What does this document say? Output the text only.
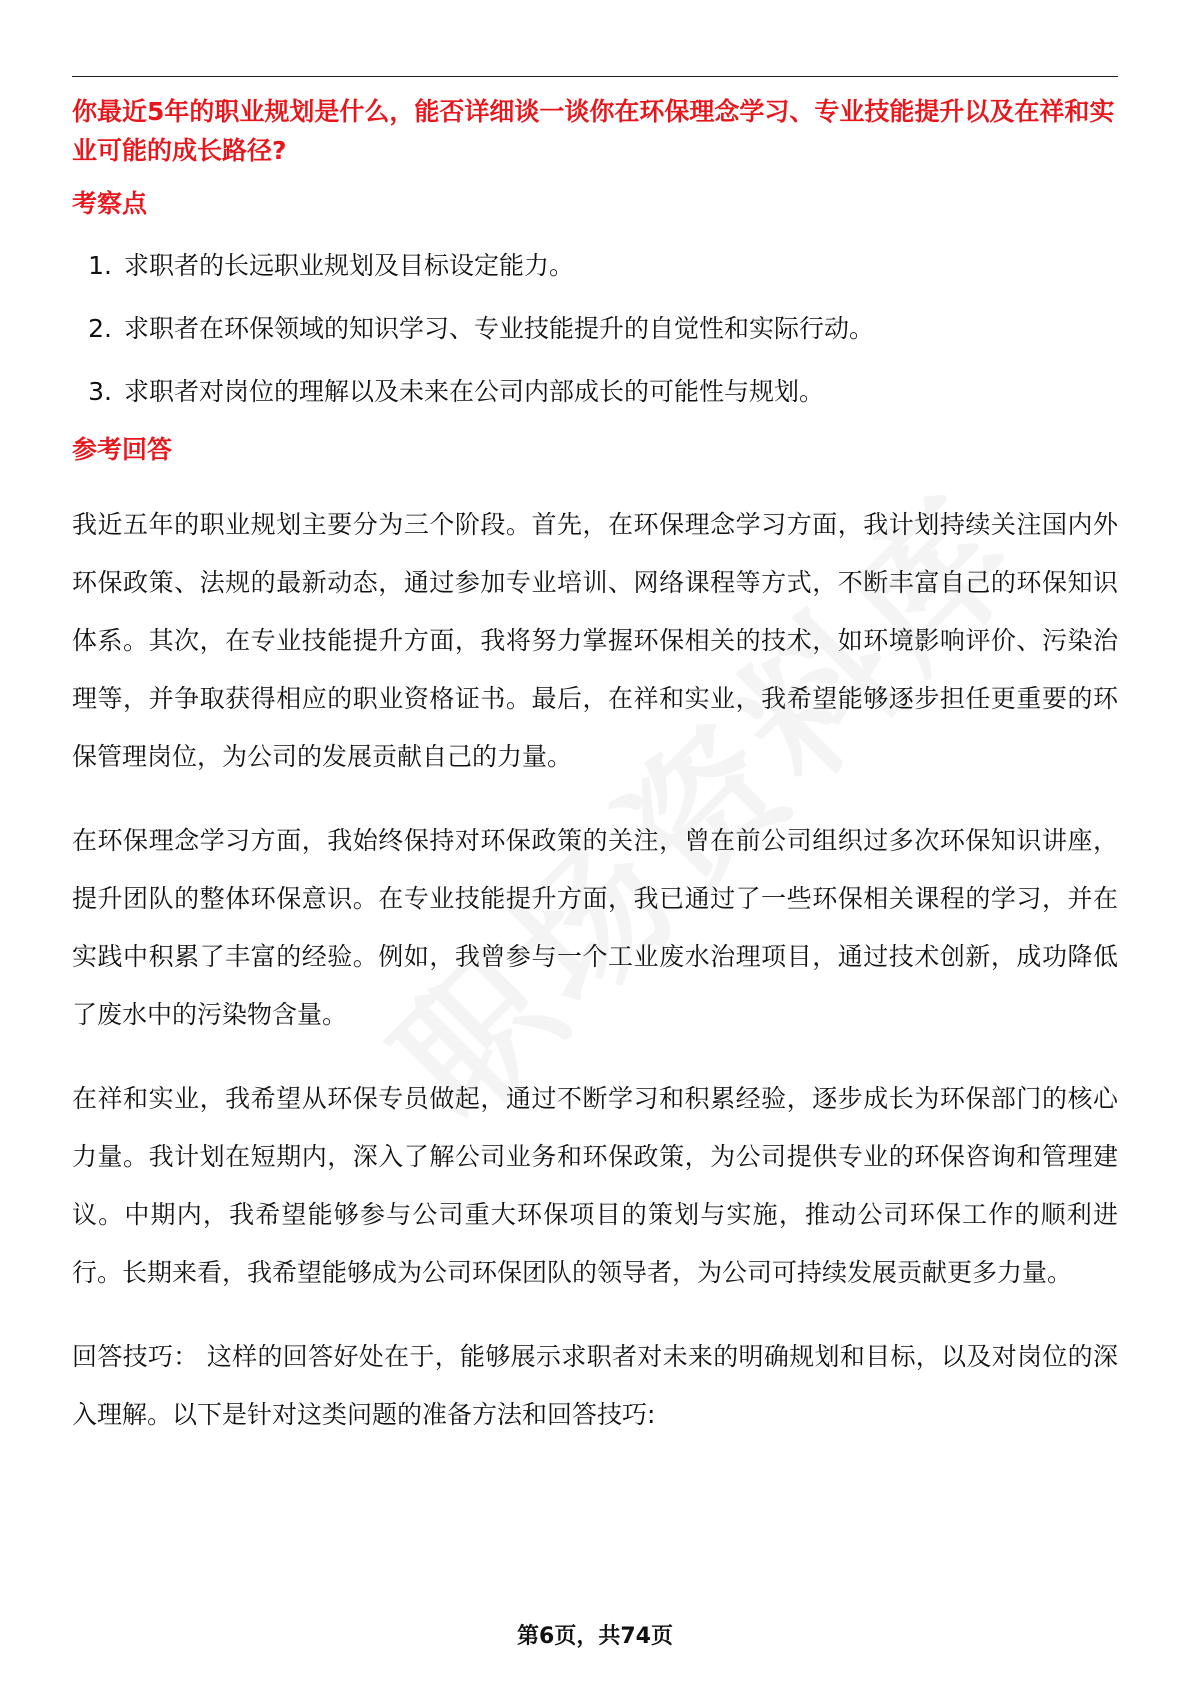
你最近5年的职业规划是什么，能否详细谈一谈你在环保理念学习、专业技能提升以及在祥和实业可能的成长路径?

考察点
1. 求职者的长远职业规划及目标设定能力。
2. 求职者在环保领域的知识学习、专业技能提升的自觉性和实际行动。
3. 求职者对岗位的理解以及未来在公司内部成长的可能性与规划。
参考回答

我近五年的职业规划主要分为三个阶段。首先，在环保理念学习方面，我计划持续关注国内外环保政策、法规的最新动态，通过参加专业培训、网络课程等方式，不断丰富自己的环保知识体系。其次，在专业技能提升方面，我将努力掌握环保相关的技术，如环境影响评价、污染治理等，并争取获得相应的职业资格证书。最后，在祥和实业，我希望能够逐步担任更重要的环保管理岗位，为公司的发展贡献自己的力量。

在环保理念学习方面，我始终保持对环保政策的关注，曾在前公司组织过多次环保知识讲座，提升团队的整体环保意识。在专业技能提升方面，我已通过了一些环保相关课程的学习，并在实践中积累了丰富的经验。例如，我曾参与一个工业废水治理项目，通过技术创新，成功降低了废水中的污染物含量。

在祥和实业，我希望从环保专员做起，通过不断学习和积累经验，逐步成长为环保部门的核心力量。我计划在短期内，深入了解公司业务和环保政策，为公司提供专业的环保咨询和管理建议。中期内，我希望能够参与公司重大环保项目的策划与实施，推动公司环保工作的顺利进行。长期来看，我希望能够成为公司环保团队的领导者，为公司可持续发展贡献更多力量。

回答技巧： 这样的回答好处在于，能够展示求职者对未来的明确规划和目标，以及对岗位的深入理解。以下是针对这类问题的准备方法和回答技巧:

第6页，共74页
